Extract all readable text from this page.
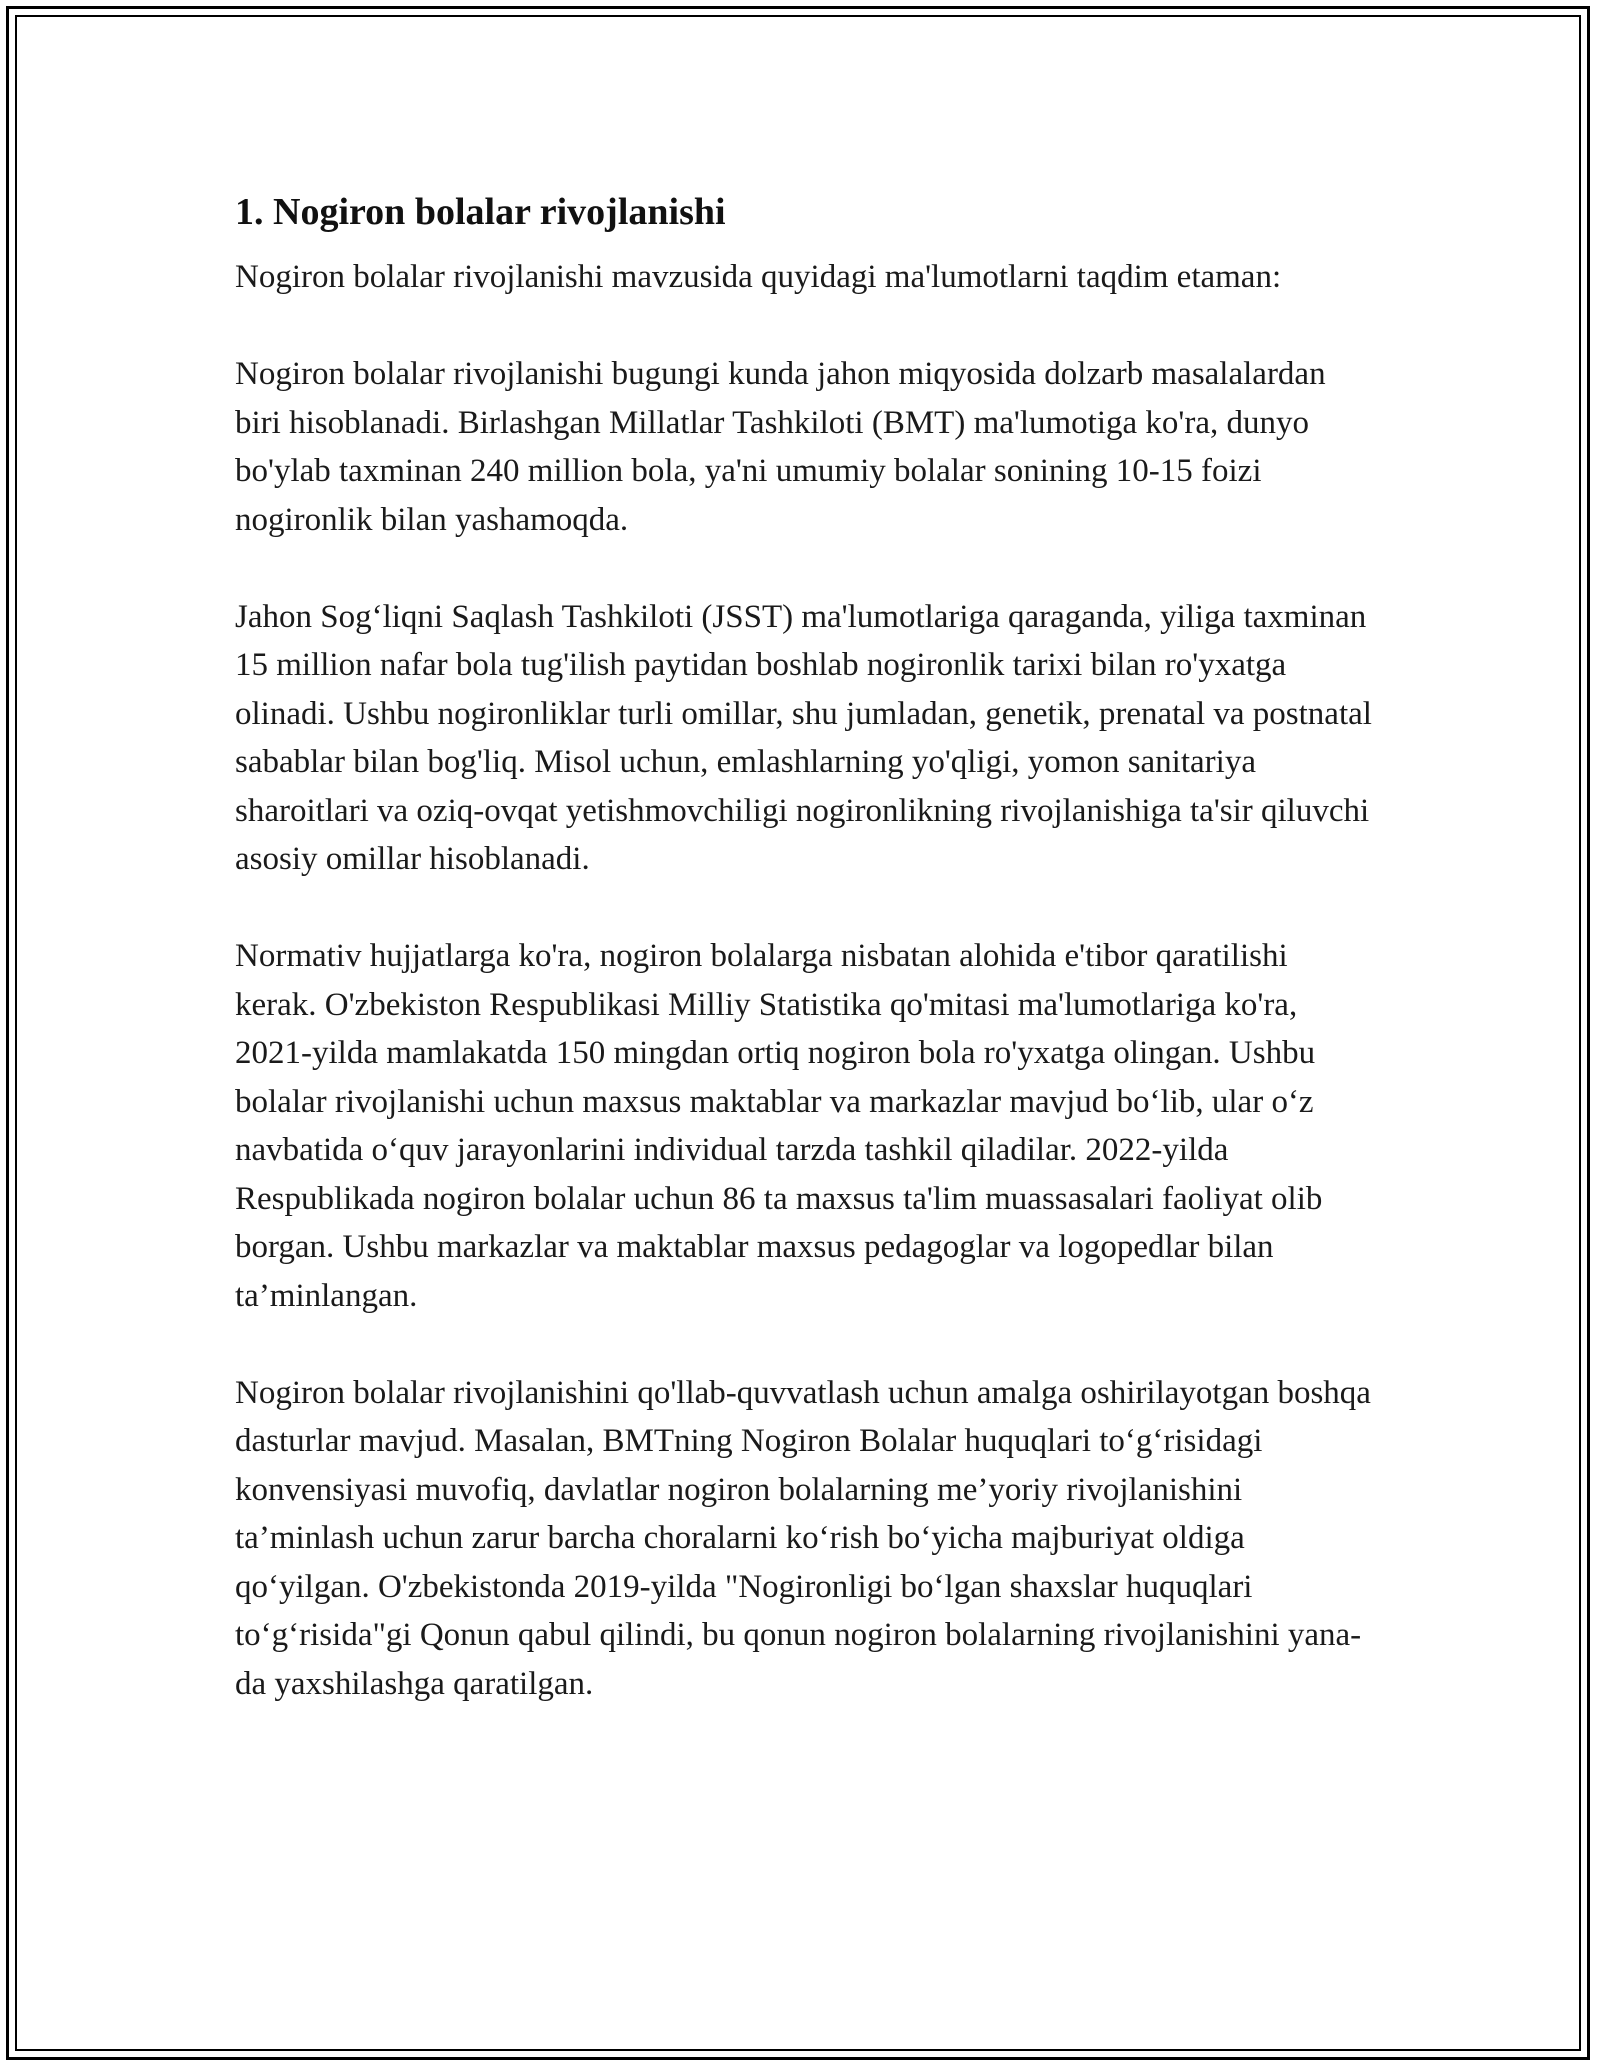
1. Nogiron bolalar rivojlanishi

Nogiron bolalar rivojlanishi mavzusida quyidagi ma'lumotlarni taqdim etaman:

Nogiron bolalar rivojlanishi bugungi kunda jahon miqyosida dolzarb masalalardan biri hisoblanadi. Birlashgan Millatlar Tashkiloti (BMT) ma'lumotiga ko'ra, dunyo bo'ylab taxminan 240 million bola, ya'ni umumiy bolalar sonining 10-15 foizi nogironlik bilan yashamoqda.

Jahon Sog‘liqni Saqlash Tashkiloti (JSST) ma'lumotlariga qaraganda, yiliga taxminan 15 million nafar bola tug'ilish paytidan boshlab nogironlik tarixi bilan ro'yxatga olinadi. Ushbu nogironliklar turli omillar, shu jumladan, genetik, prenatal va postnatal sabablar bilan bog'liq. Misol uchun, emlashlarning yo'qligi, yomon sanitariya sharoitlari va oziq-ovqat yetishmovchiligi nogironlikning rivojlanishiga ta'sir qiluvchi asosiy omillar hisoblanadi.

Normativ hujjatlarga ko'ra, nogiron bolalarga nisbatan alohida e'tibor qaratilishi kerak. O'zbekiston Respublikasi Milliy Statistika qo'mitasi ma'lumotlariga ko'ra, 2021-yilda mamlakatda 150 mingdan ortiq nogiron bola ro'yxatga olingan. Ushbu bolalar rivojlanishi uchun maxsus maktablar va markazlar mavjud bo‘lib, ular o‘z navbatida o‘quv jarayonlarini individual tarzda tashkil qiladilar. 2022-yilda Respublikada nogiron bolalar uchun 86 ta maxsus ta'lim muassasalari faoliyat olib borgan. Ushbu markazlar va maktablar maxsus pedagoglar va logopedlar bilan ta’minlangan.

Nogiron bolalar rivojlanishini qo'llab-quvvatlash uchun amalga oshirilayotgan boshqa dasturlar mavjud. Masalan, BMTning Nogiron Bolalar huquqlari to‘g‘risidagi konvensiyasi muvofiq, davlatlar nogiron bolalarning me’yoriy rivojlanishini ta’minlash uchun zarur barcha choralarni ko‘rish bo‘yicha majburiyat oldiga qo‘yilgan. O'zbekistonda 2019-yilda "Nogironligi bo‘lgan shaxslar huquqlari to‘g‘risida"gi Qonun qabul qilindi, bu qonun nogiron bolalarning rivojlanishini yana-da yaxshilashga qaratilgan.
